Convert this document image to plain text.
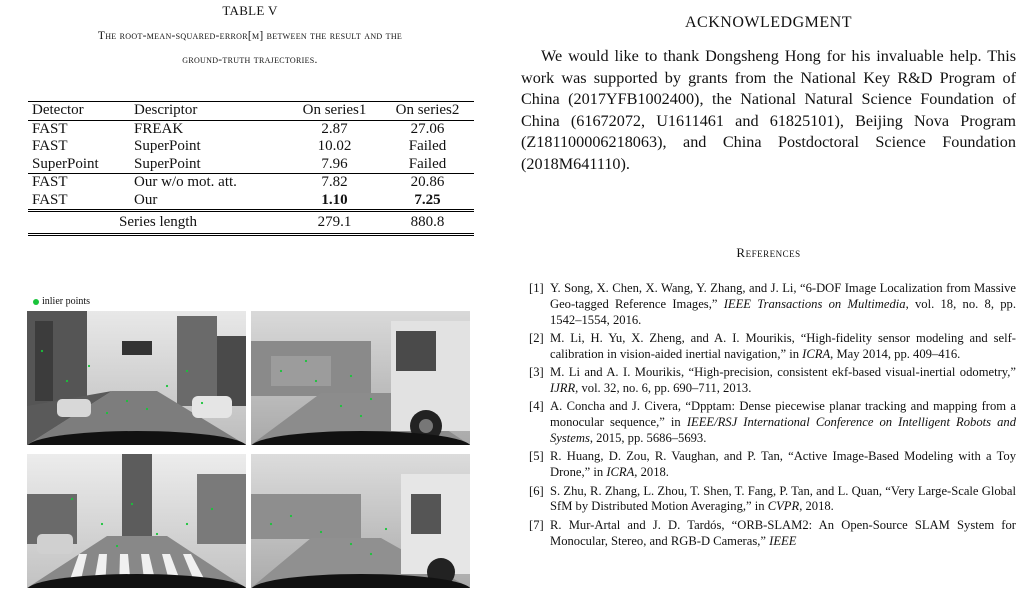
TABLE V
The root-mean-squared-error[m] between the result and the
ground-truth trajectories.
Detector	Descriptor	On series1	On series2
FAST	FREAK	2.87	27.06
FAST	SuperPoint	10.02	Failed
SuperPoint	SuperPoint	7.96	Failed
FAST	Our w/o mot. att.	7.82	20.86
FAST	Our	1.10	7.25
Series length		279.1	880.8
inlier points
ACKNOWLEDGMENT

We would like to thank Dongsheng Hong for his invaluable help. This work was supported by grants from the National Key R&D Program of China (2017YFB1002400), the National Natural Science Foundation of China (61672072, U1611461 and 61825101), Beijing Nova Program (Z181100006218063), and China Postdoctoral Science Foundation (2018M641110).

References
[1] Y. Song, X. Chen, X. Wang, Y. Zhang, and J. Li, “6-DOF Image Localization from Massive Geo-tagged Reference Images,” IEEE Transactions on Multimedia, vol. 18, no. 8, pp. 1542–1554, 2016.
[2] M. Li, H. Yu, X. Zheng, and A. I. Mourikis, “High-fidelity sensor modeling and self-calibration in vision-aided inertial navigation,” in ICRA, May 2014, pp. 409–416.
[3] M. Li and A. I. Mourikis, “High-precision, consistent ekf-based visual-inertial odometry,” IJRR, vol. 32, no. 6, pp. 690–711, 2013.
[4] A. Concha and J. Civera, “Dpptam: Dense piecewise planar tracking and mapping from a monocular sequence,” in IEEE/RSJ International Conference on Intelligent Robots and Systems, 2015, pp. 5686–5693.
[5] R. Huang, D. Zou, R. Vaughan, and P. Tan, “Active Image-Based Modeling with a Toy Drone,” in ICRA, 2018.
[6] S. Zhu, R. Zhang, L. Zhou, T. Shen, T. Fang, P. Tan, and L. Quan, “Very Large-Scale Global SfM by Distributed Motion Averaging,” in CVPR, 2018.
[7] R. Mur-Artal and J. D. Tardós, “ORB-SLAM2: An Open-Source SLAM System for Monocular, Stereo, and RGB-D Cameras,” IEEE
